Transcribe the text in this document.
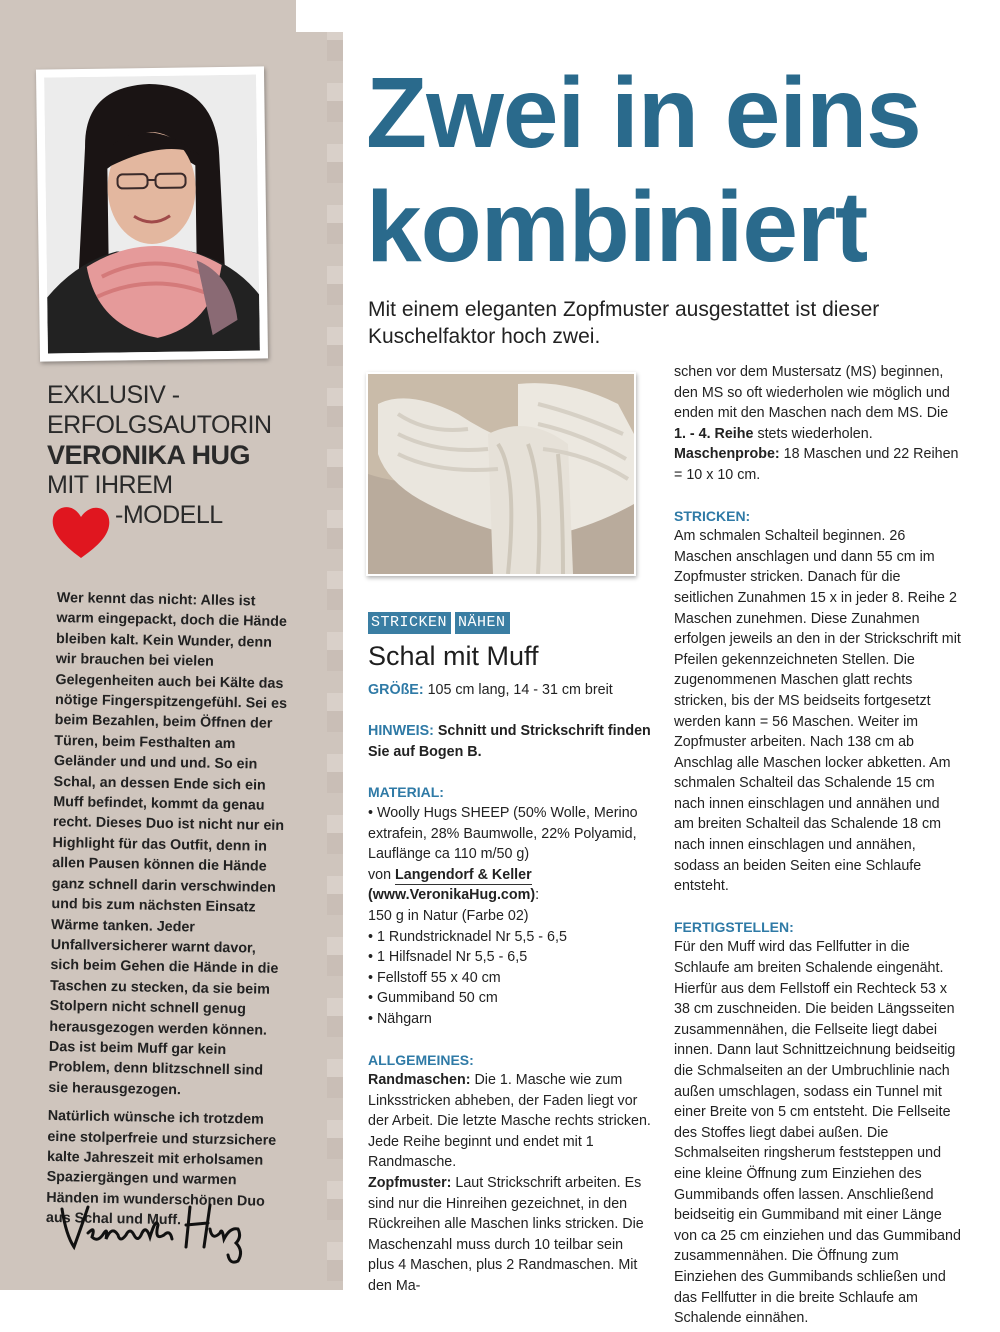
EXKLUSIV -
ERFOLGSAUTORIN
VERONIKA HUG
MIT IHREM
-MODELL

Wer kennt das nicht: Alles ist warm eingepackt, doch die Hände bleiben kalt. Kein Wunder, denn wir brauchen bei vielen Gelegenheiten auch bei Kälte das nötige Fingerspitzengefühl. Sei es beim Bezahlen, beim Öffnen der Türen, beim Festhalten am Geländer und und und. So ein Schal, an dessen Ende sich ein Muff befindet, kommt da genau recht. Dieses Duo ist nicht nur ein Highlight für das Outfit, denn in allen Pausen können die Hände ganz schnell darin verschwinden und bis zum nächsten Einsatz Wärme tanken. Jeder Unfallversicherer warnt davor, sich beim Gehen die Hände in die Taschen zu stecken, da sie beim Stolpern nicht schnell genug herausgezogen werden können. Das ist beim Muff gar kein Problem, denn blitzschnell sind sie herausgezogen.

Natürlich wünsche ich trotzdem eine stolperfreie und sturzsichere kalte Jahreszeit mit erholsamen Spaziergängen und warmen Händen im wunderschönen Duo aus Schal und Muff.

Zwei in eins
kombiniert
Mit einem eleganten Zopfmuster ausgestattet ist dieser Kuschelfaktor hoch zwei.
STRICKEN NÄHEN
Schal mit Muff

GRÖßE: 105 cm lang, 14 - 31 cm breit

HINWEIS: Schnitt und Strickschrift finden Sie auf Bogen B.

MATERIAL:

• Woolly Hugs SHEEP (50% Wolle, Merino extrafein, 28% Baumwolle, 22% Polyamid, Lauflänge ca 110 m/50 g)

von Langendorf & Keller

(www.VeronikaHug.com):

150 g in Natur (Farbe 02)

• 1 Rundstricknadel Nr 5,5 - 6,5
• 1 Hilfsnadel Nr 5,5 - 6,5
• Fellstoff 55 x 40 cm
• Gummiband 50 cm
• Nähgarn
ALLGEMEINES:

Randmaschen: Die 1. Masche wie zum Linksstricken abheben, der Faden liegt vor der Arbeit. Die letzte Masche rechts stricken. Jede Reihe beginnt und endet mit 1 Randmasche.

Zopfmuster: Laut Strickschrift arbeiten. Es sind nur die Hinreihen gezeichnet, in den Rückreihen alle Maschen links stricken. Die Maschenzahl muss durch 10 teilbar sein plus 4 Maschen, plus 2 Randmaschen. Mit den Ma-

schen vor dem Mustersatz (MS) beginnen, den MS so oft wiederholen wie möglich und enden mit den Maschen nach dem MS. Die 1. - 4. Reihe stets wiederholen.

Maschenprobe: 18 Maschen und 22 Reihen = 10 x 10 cm.

STRICKEN:

Am schmalen Schalteil beginnen. 26 Maschen anschlagen und dann 55 cm im Zopfmuster stricken. Danach für die seitlichen Zunahmen 15 x in jeder 8. Reihe 2 Maschen zunehmen. Diese Zunahmen erfolgen jeweils an den in der Strickschrift mit Pfeilen gekennzeichneten Stellen. Die zugenommenen Maschen glatt rechts stricken, bis der MS beidseits fortgesetzt werden kann = 56 Maschen. Weiter im Zopfmuster arbeiten. Nach 138 cm ab Anschlag alle Maschen locker abketten. Am schmalen Schalteil das Schalende 15 cm nach innen einschlagen und annähen und am breiten Schalteil das Schalende 18 cm nach innen einschlagen und annähen, sodass an beiden Seiten eine Schlaufe entsteht.

FERTIGSTELLEN:

Für den Muff wird das Fellfutter in die Schlaufe am breiten Schalende eingenäht. Hierfür aus dem Fellstoff ein Rechteck 53 x 38 cm zuschneiden. Die beiden Längsseiten zusammennähen, die Fellseite liegt dabei innen. Dann laut Schnittzeichnung beidseitig die Schmalseiten an der Umbruchlinie nach außen umschlagen, sodass ein Tunnel mit einer Breite von 5 cm entsteht. Die Fellseite des Stoffes liegt dabei außen. Die Schmalseiten ringsherum feststeppen und eine kleine Öffnung zum Einziehen des Gummibands offen lassen. Anschließend beidseitig ein Gummiband mit einer Länge von ca 25 cm einziehen und das Gummiband zusammennähen. Die Öffnung zum Einziehen des Gummibands schließen und das Fellfutter in die breite Schlaufe am Schalende einnähen.
